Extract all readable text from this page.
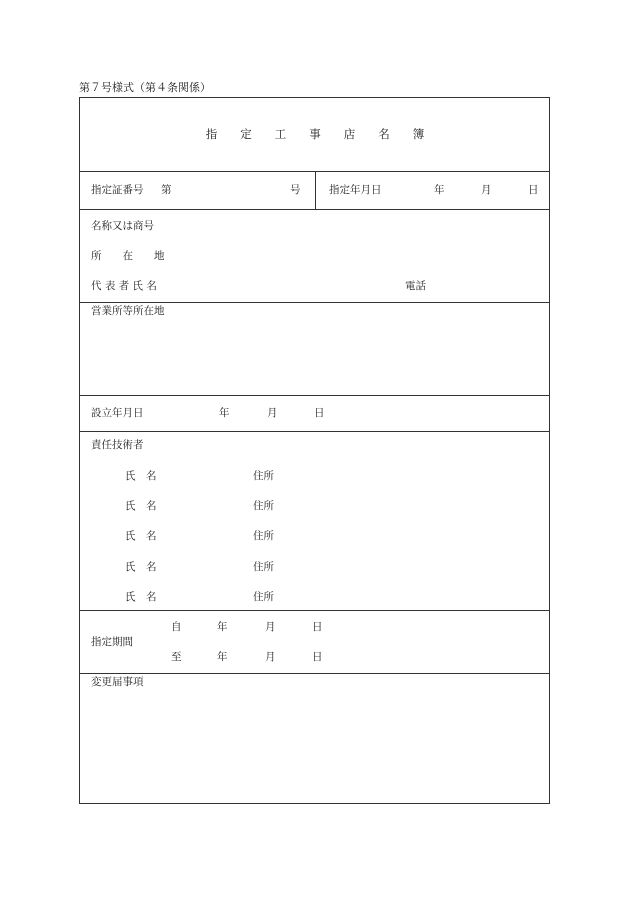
第７号様式（第４条関係）
指　　定　　工　　事　　店　　名　　簿
指定証番号 第	号	指定年月日	年	月	日
名称又は商号
所　　在　　地
代 表 者 氏 名	電話
営業所等所在地
設立年月日	年	月	日
責任技術者
氏　名	住所
氏　名	住所
氏　名	住所
氏　名	住所
氏　名	住所
指定期間
自	年	月	日
至	年	月	日
変更届事項
